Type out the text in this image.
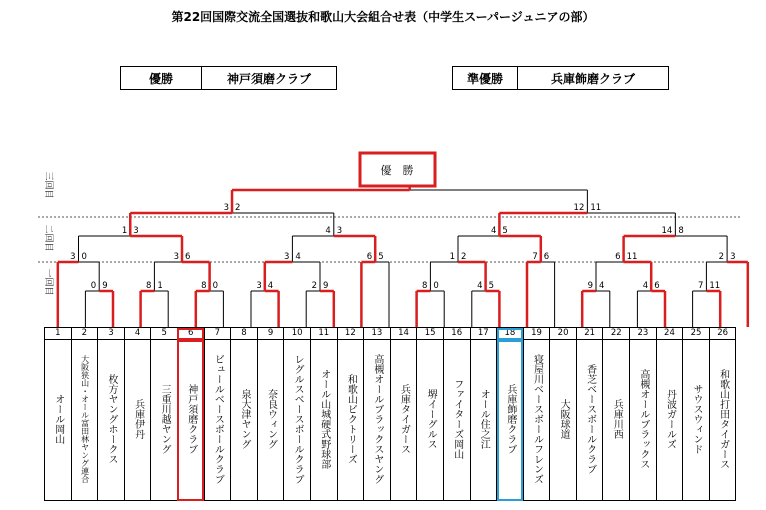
第22回国際交流全国選抜和歌山大会組合せ表（中学生スーパージュニアの部）
優勝	神戸須磨クラブ	準優勝	兵庫飾磨クラブ
三回目
二回目
一回目	0 9	8 1	8 0	3 4	2 9	8 0	4 5	9 4	4 6	7 11
3 0	3 6	3 4	6 5	1 2	7 6	6 11	2 3
1 3	4 3	4 5	14 8
3 2	12 11
優　勝
1	2	3	4	5	6	7	8	9	10	11	12	13	14	15	16	17	18	19	20	21	22	23	24	25	26

オール岡山	大阪狭山・オール富田林ヤング連合	枚方ヤングホークス	兵庫伊丹	三重川越ヤング	神戸須磨クラブ	ビュールベースボールクラブ	泉大津ヤング	奈良ウィング	レグルスベースボールクラブ	オール山城硬式野球部	和歌山ビクトリーズ	高槻オールブラックスヤング	兵庫タイガース	堺イーグルス	ファイターズ岡山	オール住之江	兵庫飾磨クラブ	寝屋川ベースボールフレンズ	大阪球道	香芝ベースボールクラブ	兵庫川西	高槻オールブラックス	丹波ガールズ	サウスウィンド	和歌山打田タイガース
